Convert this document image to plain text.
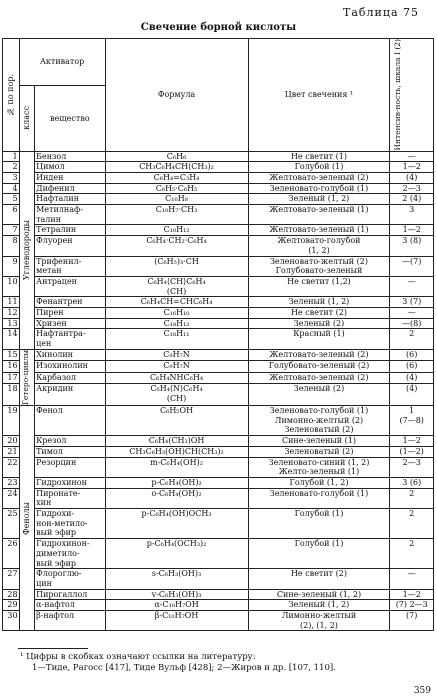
Таблица 75
Свечение борной кислоты
№ по пор.	Активатор		Формула	Цвет свечения ¹	Интенсив-ность, шкала I (2)

	класс	вещество			
1	Углеводороды	Бензол	C₆H₆	Не светит (1)	—

2		Цимол	CH₃C₆H₄CH(CH₃)₂	Голубой (1)	1—2

3		Инден	C₆H₄=C₃H₄	Желтовато-зеленый (2)	(4)

4		Дифенил	C₆H₅·C₆H₅	Зеленовато-голубой (1)	2—3

5		Нафталин	C₁₀H₈	Зеленый (1, 2)	2 (4)

6		Метилнаф-
талин	C₁₀H₇·CH₃	Желтовато-зеленый (1)	3

7		Тетралин	C₁₀H₁₂	Желтовато-зеленый (1)	1—2

8		Флуорен	C₆H₄·CH₂·C₆H₄	Желтовато-голубой
(1, 2)	3 (8)

9		Трифенил-
метан	(C₆H₅)₃·CH	Зеленовато-желтый (2)
Голубовато-зеленый	—(7)

10		Антрацен	C₆H₄⟨CH⟩C₆H₄
(CH)	Не светит (1,2)	—

11		Фенантрен	C₆H₄CH=CHC₆H₄	Зеленый (1, 2)	3 (7)

12		Пирен	C₁₆H₁₀	Не светит (2)	—

13		Хризен	C₁₈H₁₂	Зеленый (2)	—(8)

14		Нафтантра-
цен	C₁₈H₁₁	Красный (1)	2

15	Гетеро-циклы	Хинолин	C₉H₇N	Желтовато-зеленый (2)	(6)

16		Изохинолин	C₉H₇N	Голубовато-зеленый (2)	(6)

17		Карбазол	C₆H₄NHC₆H₄	Желтовато-зеленый (2)	(4)

18		Акридин	C₆H₄⟨N⟩C₆H₄
(CH)	Зеленый (2)	(4)

19	Фенолы	Фенол	C₆H₅OH	Зеленовато-голубой (1)
Лимонно-желтый (2)
Зеленоватый (2)	1
(7—8)

20		Крезол	C₆H₄(CH₃)OH	Сине-зеленый (1)	1—2

21		Тимол	CH₃C₆H₃(OH)CH(CH₃)₂	Зеленоватый (2)	(1—2)

22		Резорцин	m-C₆H₄(OH)₂	Зеленовато-синий (1, 2)
Желто-зеленый (1)	2—3

23		Гидрохинон	p-C₆H₄(OH)₂	Голубой (1, 2)	3 (6)

24		Пиронате-
хин	o-C₆H₄(OH)₂	Зеленовато-голубой (1)	2

25		Гидрохи-
нон-метило-
вый эфир	p-C₆H₄(OH)OCH₃	Голубой (1)	2

26		Гидрохинон-
диметило-
вый эфир	p-C₆H₄(OCH₃)₂	Голубой (1)	2

27		Флороглю-
цин	s-C₆H₃(OH)₃	Не светит (2)	—

28		Пирогаллол	v-C₆H₃(OH)₃	Сине-зеленый (1, 2)	1—2

29		α-нафтол	α-C₁₀H₇OH	Зеленый (1, 2)	(7) 2—3

30		β-нафтол	β-C₁₀H₇OH	Лимонно-желтый
(2), (1, 2)	(7)
¹ Цифры в скобках означают ссылки на литературу:
1—Тиде, Рагосс [417], Тиде Вульф [428]; 2—Жиров и др. [107, 110].
359
